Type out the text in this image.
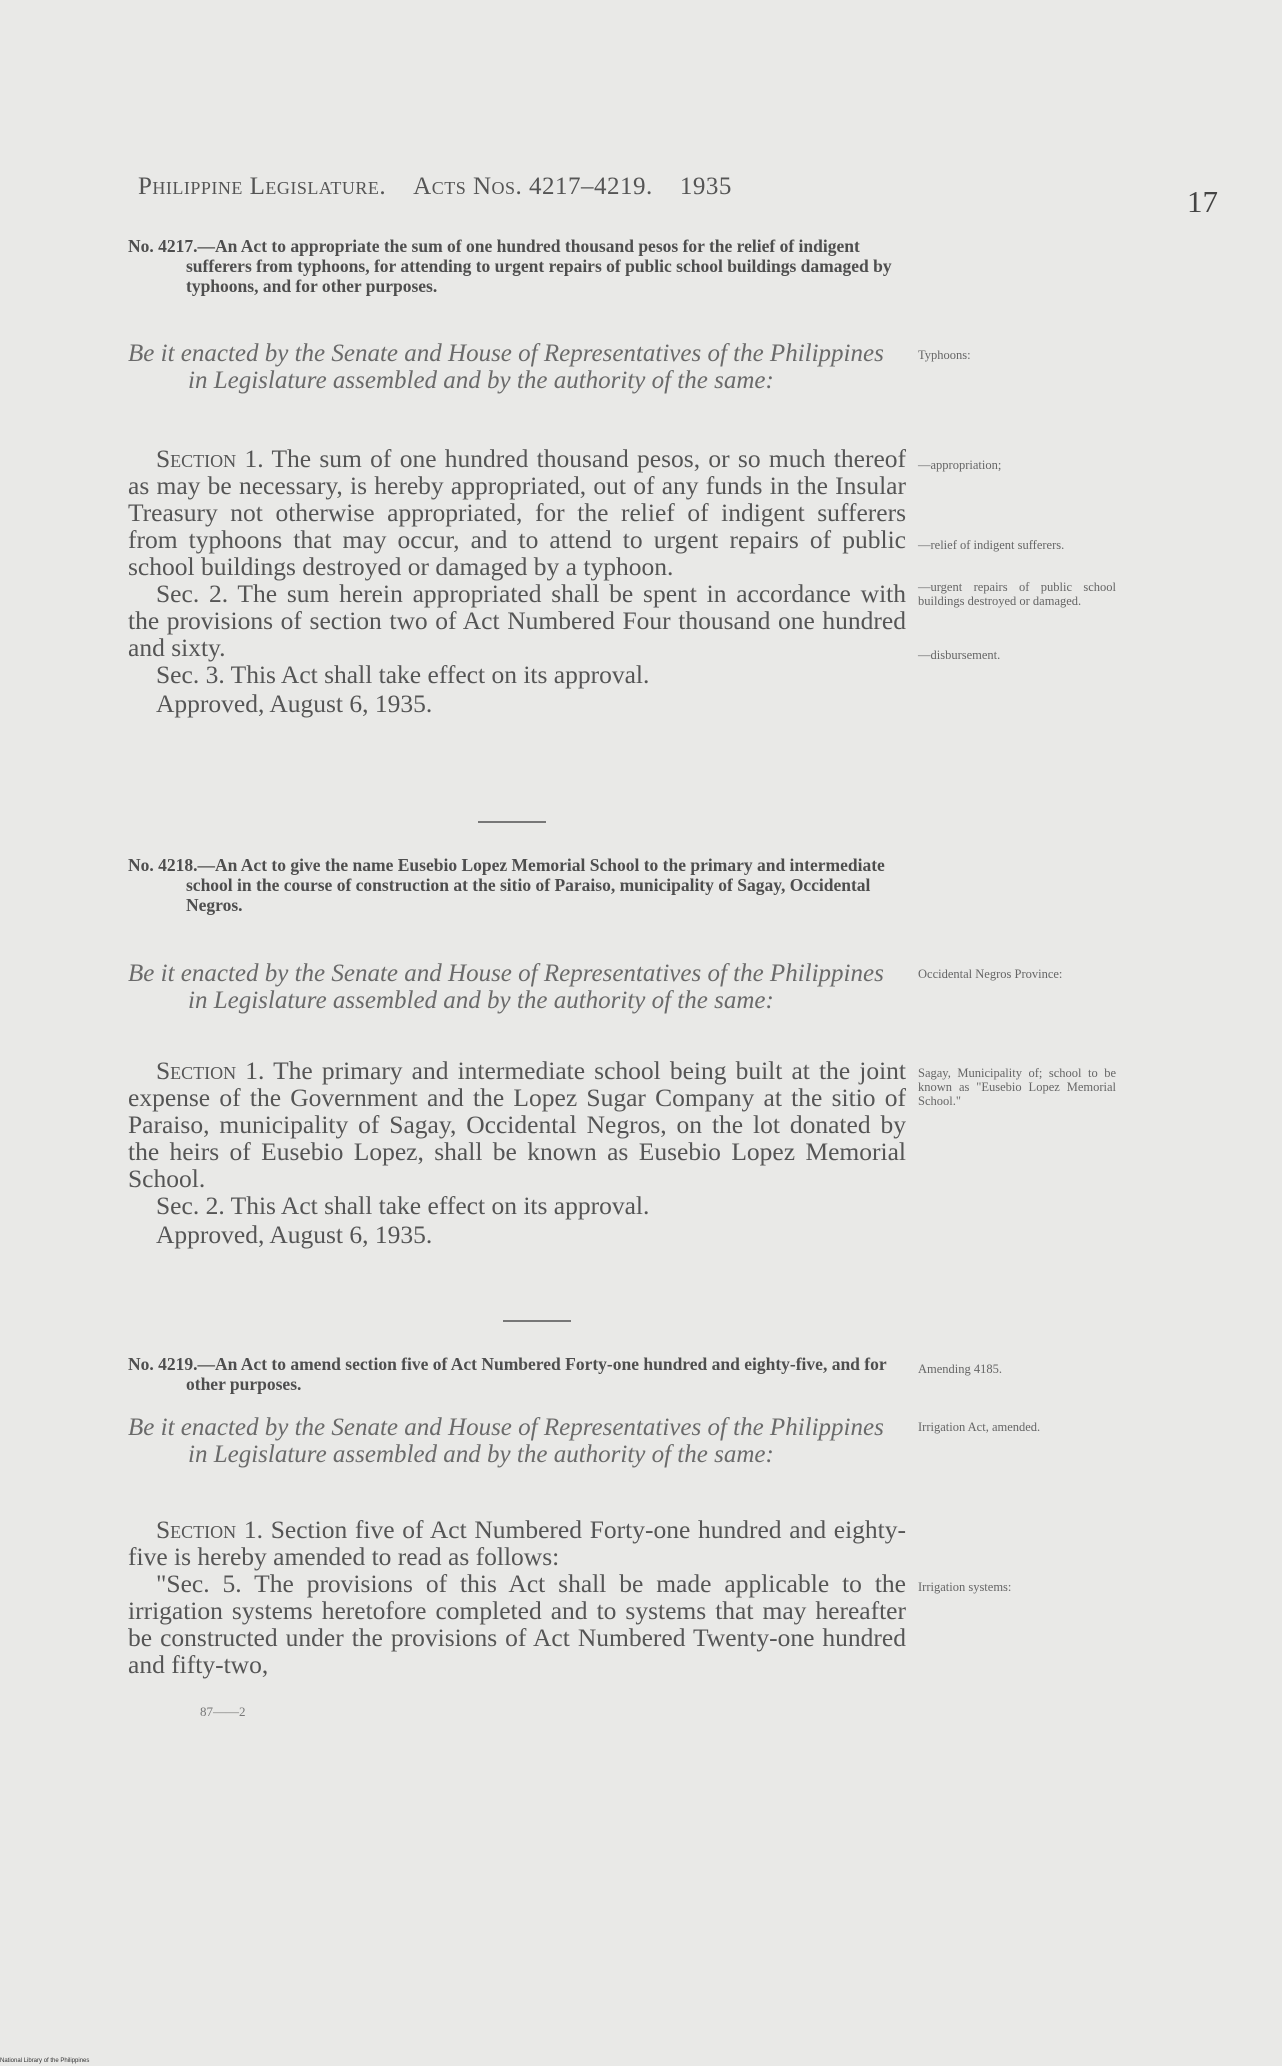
Philippine Legislature. Acts Nos. 4217–4219. 1935	17

No. 4217.—An Act to appropriate the sum of one hundred thousand pesos for the relief of indigent sufferers from typhoons, for attending to urgent repairs of public school buildings damaged by typhoons, and for other purposes.

Be it enacted by the Senate and House of Representatives of the Philippines in Legislature assembled and by the authority of the same:

Section 1. The sum of one hundred thousand pesos, or so much thereof as may be necessary, is hereby appropriated, out of any funds in the Insular Treasury not otherwise appropriated, for the relief of indigent sufferers from typhoons that may occur, and to attend to urgent repairs of public school buildings destroyed or damaged by a typhoon.

Sec. 2. The sum herein appropriated shall be spent in accordance with the provisions of section two of Act Numbered Four thousand one hundred and sixty.

Sec. 3. This Act shall take effect on its approval.

Approved, August 6, 1935.

Typhoons:
—appropriation;
—relief of indigent sufferers.
—urgent repairs of public school buildings destroyed or damaged.
—disbursement.

No. 4218.—An Act to give the name Eusebio Lopez Memorial School to the primary and intermediate school in the course of construction at the sitio of Paraiso, municipality of Sagay, Occidental Negros.

Be it enacted by the Senate and House of Representatives of the Philippines in Legislature assembled and by the authority of the same:

Section 1. The primary and intermediate school being built at the joint expense of the Government and the Lopez Sugar Company at the sitio of Paraiso, municipality of Sagay, Occidental Negros, on the lot donated by the heirs of Eusebio Lopez, shall be known as Eusebio Lopez Memorial School.

Sec. 2. This Act shall take effect on its approval.

Approved, August 6, 1935.

Occidental Negros Province:
Sagay, Municipality of; school to be known as "Eusebio Lopez Memorial School."

No. 4219.—An Act to amend section five of Act Numbered Forty-one hundred and eighty-five, and for other purposes.

Be it enacted by the Senate and House of Representatives of the Philippines in Legislature assembled and by the authority of the same:

Section 1. Section five of Act Numbered Forty-one hundred and eighty-five is hereby amended to read as follows:

"Sec. 5. The provisions of this Act shall be made applicable to the irrigation systems heretofore completed and to systems that may hereafter be constructed under the provisions of Act Numbered Twenty-one hundred and fifty-two,

Amending 4185.
Irrigation Act, amended.
Irrigation systems:
87——2
National Library of the Philippines
